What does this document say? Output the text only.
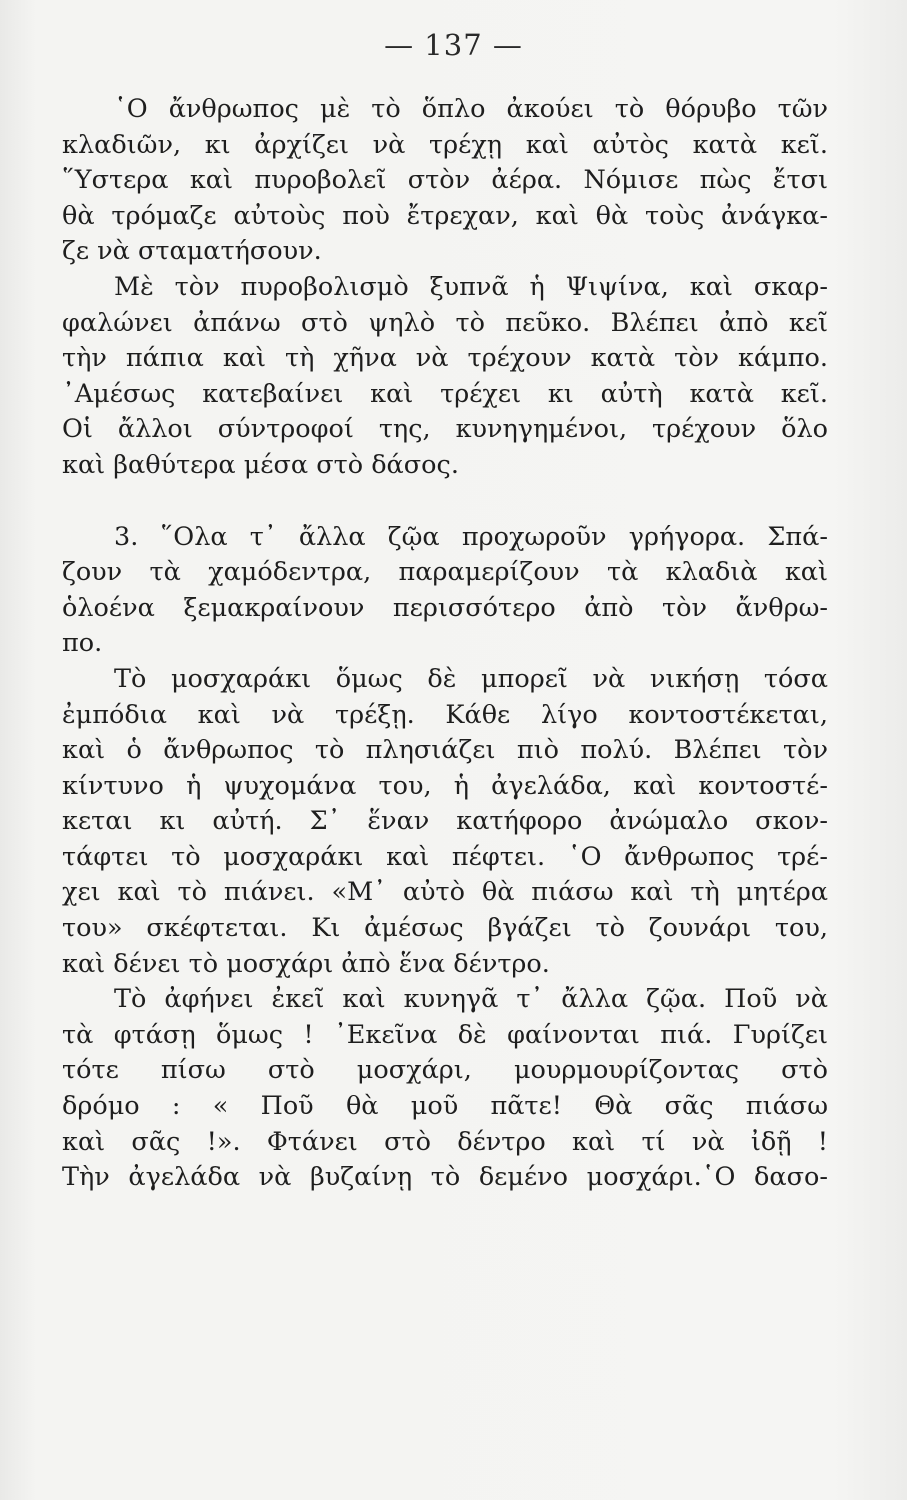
— 137 —
῾Ο ἄνθρωπος μὲ τὸ ὅπλο ἀκούει τὸ θόρυβο τῶν
κλαδιῶν, κι ἀρχίζει νὰ τρέχῃ καὶ αὐτὸς κατὰ κεῖ.
῞Υστερα καὶ πυροβολεῖ στὸν ἀέρα. Νόμισε πὼς ἔτσι
θὰ τρόμαζε αὐτοὺς ποὺ ἔτρεχαν, καὶ θὰ τοὺς ἀνάγκα-
ζε νὰ σταματήσουν.
Μὲ τὸν πυροβολισμὸ ξυπνᾶ ἡ Ψιψίνα, καὶ σκαρ-
φαλώνει ἀπάνω στὸ ψηλὸ τὸ πεῦκο. Βλέπει ἀπὸ κεῖ
τὴν πάπια καὶ τὴ χῆνα νὰ τρέχουν κατὰ τὸν κάμπο.
᾿Αμέσως κατεβαίνει καὶ τρέχει κι αὐτὴ κατὰ κεῖ.
Οἱ ἄλλοι σύντροφοί της, κυνηγημένοι, τρέχουν ὅλο
καὶ βαθύτερα μέσα στὸ δάσος.
3. ῞Ολα τ᾿ ἄλλα ζῷα προχωροῦν γρήγορα. Σπά-
ζουν τὰ χαμόδεντρα, παραμερίζουν τὰ κλαδιὰ καὶ
ὁλοένα ξεμακραίνουν περισσότερο ἀπὸ τὸν ἄνθρω-
πο.
Τὸ μοσχαράκι ὅμως δὲ μπορεῖ νὰ νικήσῃ τόσα
ἐμπόδια καὶ νὰ τρέξῃ. Κάθε λίγο κοντοστέκεται,
καὶ ὁ ἄνθρωπος τὸ πλησιάζει πιὸ πολύ. Βλέπει τὸν
κίντυνο ἡ ψυχομάνα του, ἡ ἀγελάδα, καὶ κοντοστέ-
κεται κι αὐτή. Σ᾿ ἕναν κατήφορο ἀνώμαλο σκον-
τάφτει τὸ μοσχαράκι καὶ πέφτει. ῾Ο ἄνθρωπος τρέ-
χει καὶ τὸ πιάνει. «Μ᾿ αὐτὸ θὰ πιάσω καὶ τὴ μητέρα
του» σκέφτεται. Κι ἀμέσως βγάζει τὸ ζουνάρι του,
καὶ δένει τὸ μοσχάρι ἀπὸ ἕνα δέντρο.
Τὸ ἀφήνει ἐκεῖ καὶ κυνηγᾶ τ᾿ ἄλλα ζῷα. Ποῦ νὰ
τὰ φτάσῃ ὅμως ! ᾿Εκεῖνα δὲ φαίνονται πιά. Γυρίζει
τότε πίσω στὸ μοσχάρι, μουρμουρίζοντας στὸ
δρόμο : « Ποῦ θὰ μοῦ πᾶτε! Θὰ σᾶς πιάσω
καὶ σᾶς !». Φτάνει στὸ δέντρο καὶ τί νὰ ἰδῇ !
Τὴν ἀγελάδα νὰ βυζαίνῃ τὸ δεμένο μοσχάρι.῾Ο δασο-
